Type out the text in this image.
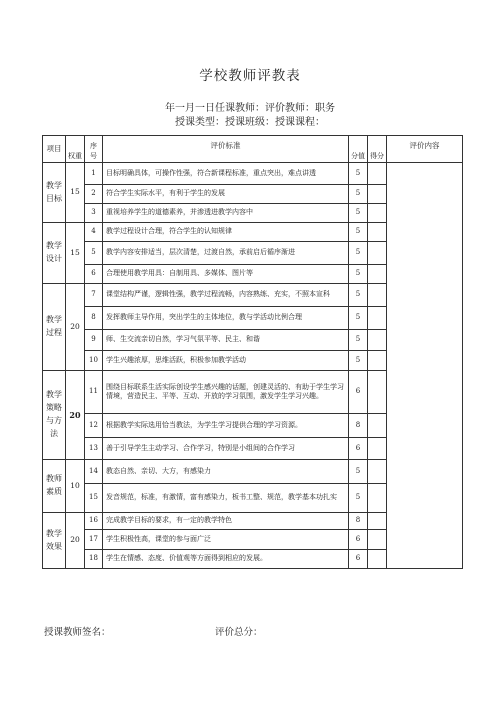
学校教师评教表
年一月一日任课教师：评价教师：职务
授课类型：授课班级：授课课程：
项目	权重	序号	评价标准	分值	得分	评价内容
教学目标	15	1	目标明确具体，可操作性强，符合新课程标准，重点突出，难点讲透	5		
		2	符合学生实际水平，有利于学生的发展	5		
		3	重视培养学生的道德素养，并渗透进教学内容中	5		
教学设计	15	4	教学过程设计合理，符合学生的认知规律	5		
		5	教学内容安排适当，层次清楚，过渡自然，承前启后循序渐进	5		
		6	合理使用教学用具：自制用具、多媒体、图片等	5		
教学过程	20	7	课堂结构严谨，逻辑性强，教学过程流畅，内容熟练、充实，不照本宣科	5		
		8	发挥教师主导作用，突出学生的主体地位，教与学活动比例合理	5		
		9	师、生交流亲切自然，学习气氛平等、民主、和谐	5		
		10	学生兴趣浓厚，思维活跃，积极参加教学活动	5		
教学策略与方法	20	11	围绕目标联系生活实际创设学生感兴趣的话题，创建灵活的、有助于学生学习情境，营造民主、平等、互动、开放的学习氛围，激发学生学习兴趣。	6		
		12	根据教学实际选用恰当教法，为学生学习提供合理的学习资源。	8		
		13	善于引导学生主动学习、合作学习，特别是小组间的合作学习	6		
教师素质	10	14	教态自然、亲切、大方，有感染力	5		
		15	发音规范，标准，有激情，富有感染力，板书工整、规范，教学基本功扎实	5		
教学效果	20	16	完成教学目标的要求，有一定的教学特色	8		
		17	学生积极性高，课堂的参与面广泛	6		
		18	学生在情感、态度、价值观等方面得到相应的发展。	6		
授课教师签名：	评价总分：
